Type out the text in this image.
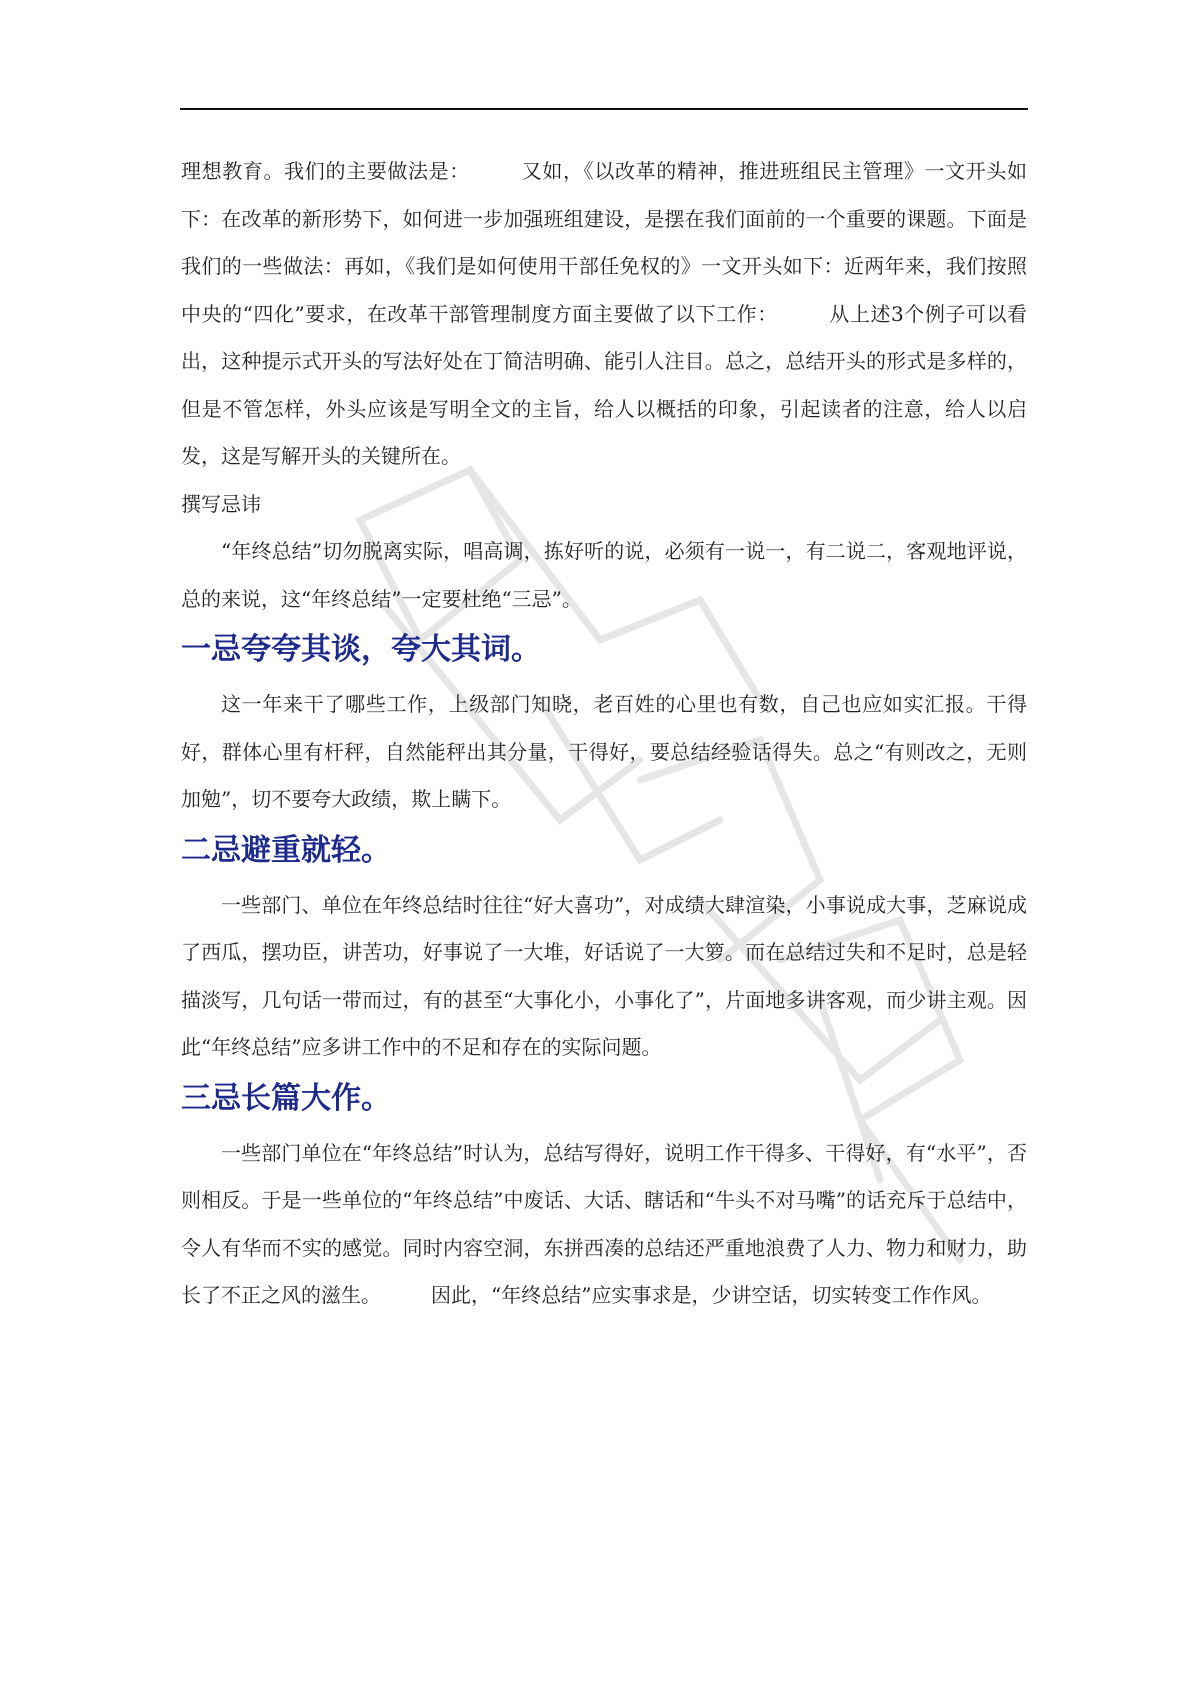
理想教育。我们的主要做法是：　　　又如，《以改革的精神，推进班组民主管理》一文开头如下：在改革的新形势下，如何进一步加强班组建设，是摆在我们面前的一个重要的课题。下面是我们的一些做法：再如，《我们是如何使用干部任免权的》一文开头如下：近两年来，我们按照中央的“四化”要求，在改革干部管理制度方面主要做了以下工作：　　　从上述3个例子可以看出，这种提示式开头的写法好处在丁简洁明确、能引人注目。总之，总结开头的形式是多样的，但是不管怎样，外头应该是写明全文的主旨，给人以概括的印象，引起读者的注意，给人以启发，这是写解开头的关键所在。

撰写忌讳

“年终总结”切勿脱离实际，唱高调，拣好听的说，必须有一说一，有二说二，客观地评说，总的来说，这“年终总结”一定要杜绝“三忌”。

一忌夸夸其谈，夸大其词。

这一年来干了哪些工作，上级部门知晓，老百姓的心里也有数，自己也应如实汇报。干得好，群体心里有杆秤，自然能秤出其分量，干得好，要总结经验话得失。总之“有则改之，无则加勉”，切不要夸大政绩，欺上瞒下。

二忌避重就轻。

一些部门、单位在年终总结时往往“好大喜功”，对成绩大肆渲染，小事说成大事，芝麻说成了西瓜，摆功臣，讲苦功，好事说了一大堆，好话说了一大箩。而在总结过失和不足时，总是轻描淡写，几句话一带而过，有的甚至“大事化小，小事化了”，片面地多讲客观，而少讲主观。因此“年终总结”应多讲工作中的不足和存在的实际问题。

三忌长篇大作。

一些部门单位在“年终总结”时认为，总结写得好，说明工作干得多、干得好，有“水平”，否则相反。于是一些单位的“年终总结”中废话、大话、瞎话和“牛头不对马嘴”的话充斥于总结中，令人有华而不实的感觉。同时内容空洞，东拼西凑的总结还严重地浪费了人力、物力和财力，助长了不正之风的滋生。　　　因此，“年终总结”应实事求是，少讲空话，切实转变工作作风。
